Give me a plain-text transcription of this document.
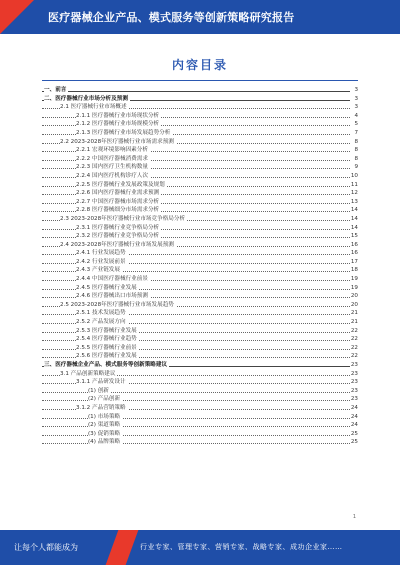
医疗器械企业产品、模式服务等创新策略研究报告
内容目录
一、前言	3
二、医疗器械行业市场分析及预测	3
2.1 医疗器械行业市场概述	3
2.1.1 医疗器械行业市场现状分析	4
2.1.2 医疗器械行业市场规模分析	5
2.1.3 医疗器械行业市场发展趋势分析	7
2.2 2023-2028年医疗器械行业市场需求预测	8
2.2.1 宏观环境影响因素分析	8
2.2.2 中国医疗器械消费需求	8
2.2.3 国内医疗卫生机构数量	9
2.2.4 国内医疗机构诊疗人次	10
2.2.5 医疗器械行业发展政策及规划	11
2.2.6 国内医疗器械行业需求预测	12
2.2.7 中国医疗器械市场需求分析	13
2.2.8 医疗器械细分市场需求分析	14
2.3 2023-2028年医疗器械行业市场竞争格局分析	14
2.3.1 医疗器械行业竞争格局分析	14
2.3.2 医疗器械行业竞争格局分析	15
2.4 2023-2028年医疗器械行业市场发展预测	16
2.4.1 行业发展趋势	16
2.4.2 行业发展前景	17
2.4.3 产业链发展	18
2.4.4 中国医疗器械行业前景	19
2.4.5 医疗器械行业发展	19
2.4.6 医疗器械出口市场预测	20
2.5 2023-2028年医疗器械行业市场发展趋势	20
2.5.1 技术发展趋势	21
2.5.2 产品发展方向	21
2.5.3 医疗器械行业发展	22
2.5.4 医疗器械行业趋势	22
2.5.5 医疗器械行业前景	22
2.5.6 医疗器械行业发展	22
三、医疗器械企业产品、模式服务等创新策略建议	23
3.1 产品创新策略建议	23
3.1.1 产品研发设计	23
(1) 创新	23
(2) 产品创新	23
3.1.2 产品营销策略	24
(1) 市场策略	24
(2) 渠道策略	24
(3) 促销策略	25
(4) 品牌策略	25
1
让每个人都能成为	行业专家、管理专家、营销专家、战略专家、成功企业家……
